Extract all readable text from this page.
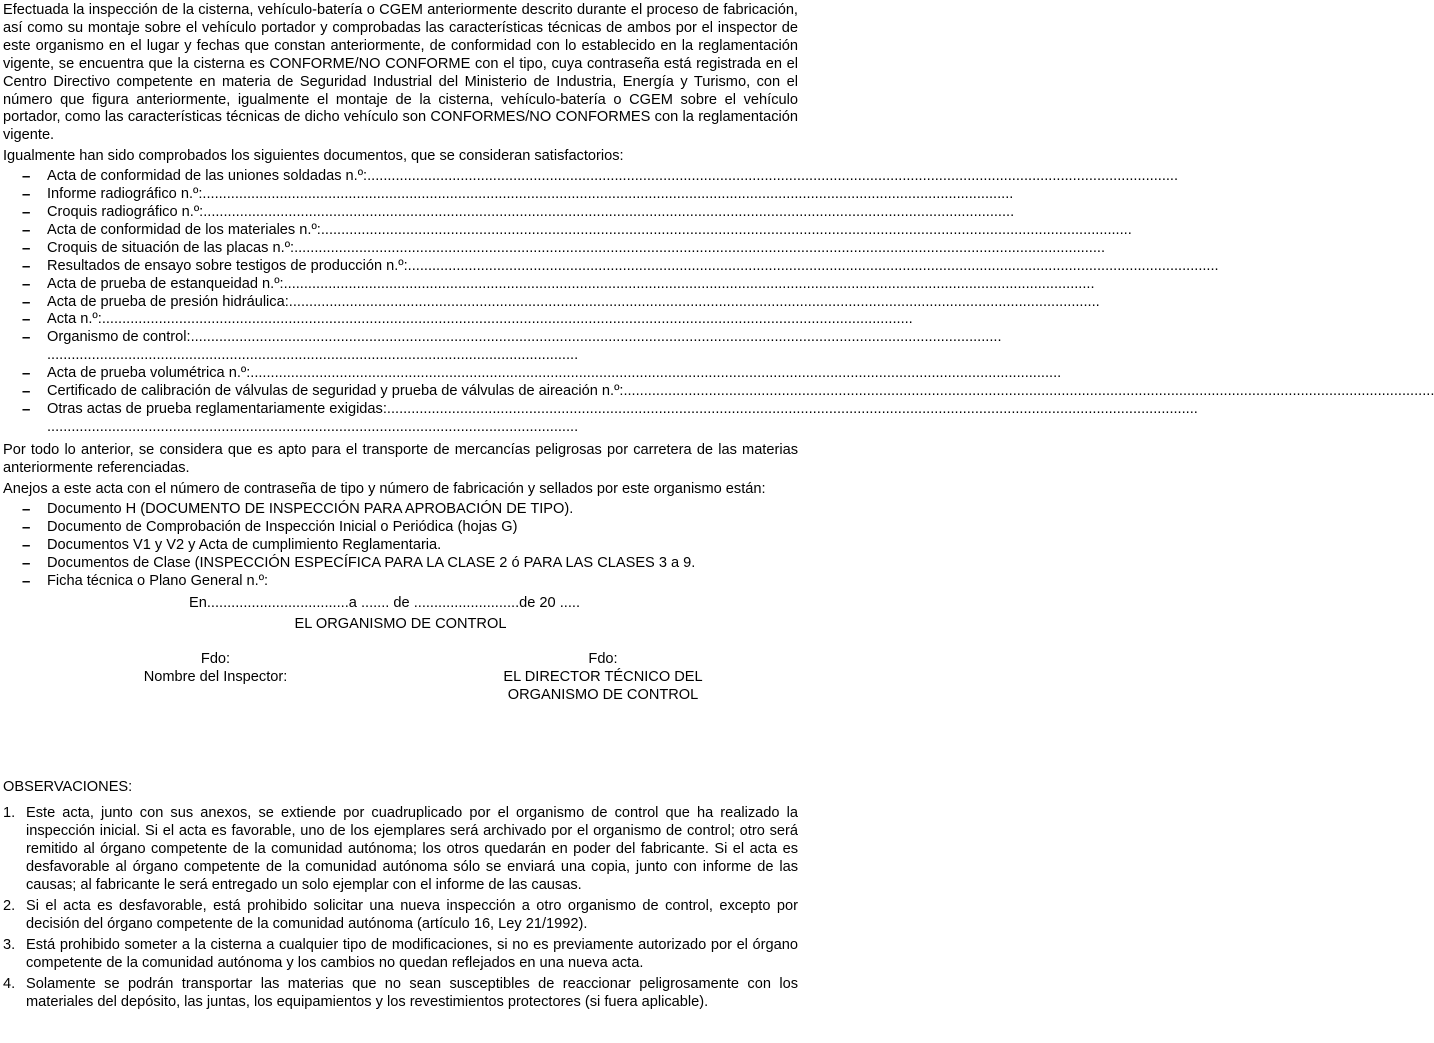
Efectuada la inspección de la cisterna, vehículo-batería o CGEM anteriormente descrito durante el proceso de fabricación, así como su montaje sobre el vehículo portador y comprobadas las características técnicas de ambos por el inspector de este organismo en el lugar y fechas que constan anteriormente, de conformidad con lo establecido en la reglamentación vigente, se encuentra que la cisterna es CONFORME/NO CONFORME con el tipo, cuya contraseña está registrada en el Centro Directivo competente en materia de Seguridad Industrial del Ministerio de Industria, Energía y Turismo, con el número que figura anteriormente, igualmente el montaje de la cisterna, vehículo-batería o CGEM sobre el vehículo portador, como las características técnicas de dicho vehículo son CONFORMES/NO CONFORMES con la reglamentación vigente.

Igualmente han sido comprobados los siguientes documentos, que se consideran satisfactorios:

–
Acta de conformidad de las uniones soldadas n.º:........................................................................................................................................................................................................
–
Informe radiográfico n.º:........................................................................................................................................................................................................
–
Croquis radiográfico n.º:........................................................................................................................................................................................................
–
Acta de conformidad de los materiales n.º:........................................................................................................................................................................................................
–
Croquis de situación de las placas n.º:........................................................................................................................................................................................................
–
Resultados de ensayo sobre testigos de producción n.º:........................................................................................................................................................................................................
–
Acta de prueba de estanqueidad n.º:........................................................................................................................................................................................................
–
Acta de prueba de presión hidráulica:........................................................................................................................................................................................................
–
Acta n.º:........................................................................................................................................................................................................
–
Organismo de control:........................................................................................................................................................................................................
...................................................................................................................................
–
Acta de prueba volumétrica n.º:........................................................................................................................................................................................................
–
Certificado de calibración de válvulas de seguridad y prueba de válvulas de aireación n.º:........................................................................................................................................................................................................
–
Otras actas de prueba reglamentariamente exigidas:........................................................................................................................................................................................................
...................................................................................................................................

Por todo lo anterior, se considera que es apto para el transporte de mercancías peligrosas por carretera de las materias anteriormente referenciadas.

Anejos a este acta con el número de contraseña de tipo y número de fabricación y sellados por este organismo están:

–
Documento H (DOCUMENTO DE INSPECCIÓN PARA APROBACIÓN DE TIPO).
–
Documento de Comprobación de Inspección Inicial o Periódica (hojas G)
–
Documentos V1 y V2 y Acta de cumplimiento Reglamentaria.
–
Documentos de Clase (INSPECCIÓN ESPECÍFICA PARA LA CLASE 2 ó PARA LAS CLASES 3 a 9.
–
Ficha técnica o Plano General n.º:
En...................................a ....... de ..........................de 20 .....
EL ORGANISMO DE CONTROL
Fdo:
Nombre del Inspector:
Fdo:
EL DIRECTOR TÉCNICO DEL
ORGANISMO DE CONTROL
OBSERVACIONES:
1. Este acta, junto con sus anexos, se extiende por cuadruplicado por el organismo de control que ha realizado la inspección inicial. Si el acta es favorable, uno de los ejemplares será archivado por el organismo de control; otro será remitido al órgano competente de la comunidad autónoma; los otros quedarán en poder del fabricante. Si el acta es desfavorable al órgano competente de la comunidad autónoma sólo se enviará una copia, junto con informe de las causas; al fabricante le será entregado un solo ejemplar con el informe de las causas.
2. Si el acta es desfavorable, está prohibido solicitar una nueva inspección a otro organismo de control, excepto por decisión del órgano competente de la comunidad autónoma (artículo 16, Ley 21/1992).
3. Está prohibido someter a la cisterna a cualquier tipo de modificaciones, si no es previamente autorizado por el órgano competente de la comunidad autónoma y los cambios no quedan reflejados en una nueva acta.
4. Solamente se podrán transportar las materias que no sean susceptibles de reaccionar peligrosamente con los materiales del depósito, las juntas, los equipamientos y los revestimientos protectores (si fuera aplicable).
